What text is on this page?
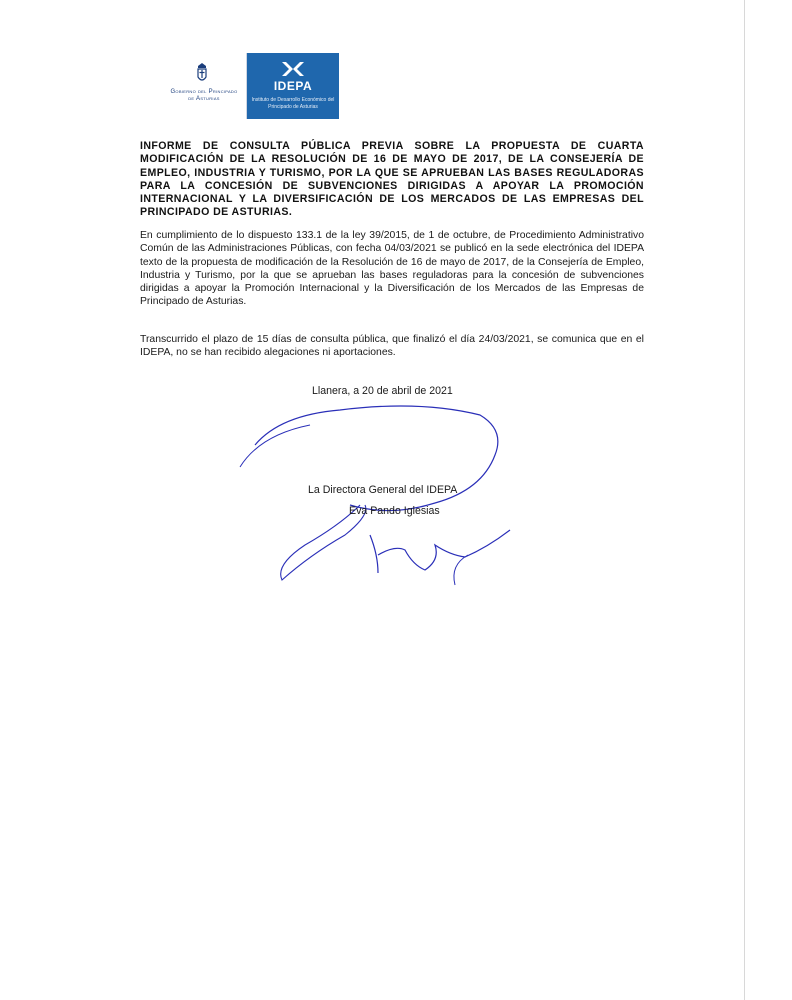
Gobierno del Principado de Asturias
IDEPA
Instituto de Desarrollo Económico del Principado de Asturias

INFORME DE CONSULTA PÚBLICA PREVIA SOBRE LA PROPUESTA DE CUARTA MODIFICACIÓN DE LA RESOLUCIÓN DE 16 DE MAYO DE 2017, DE LA CONSEJERÍA DE EMPLEO, INDUSTRIA Y TURISMO, POR LA QUE SE APRUEBAN LAS BASES REGULADORAS PARA LA CONCESIÓN DE SUBVENCIONES DIRIGIDAS A APOYAR LA PROMOCIÓN INTERNACIONAL Y LA DIVERSIFICACIÓN DE LOS MERCADOS DE LAS EMPRESAS DEL PRINCIPADO DE ASTURIAS.

En cumplimiento de lo dispuesto 133.1 de la ley 39/2015, de 1 de octubre, de Procedimiento Administrativo Común de las Administraciones Públicas, con fecha 04/03/2021 se publicó en la sede electrónica del IDEPA texto de la propuesta de modificación de la Resolución de 16 de mayo de 2017, de la Consejería de Empleo, Industria y Turismo, por la que se aprueban las bases reguladoras para la concesión de subvenciones dirigidas a apoyar la Promoción Internacional y la Diversificación de los Mercados de las Empresas de Principado de Asturias.

Transcurrido el plazo de 15 días de consulta pública, que finalizó el día 24/03/2021, se comunica que en el IDEPA, no se han recibido alegaciones ni aportaciones.

Llanera, a 20 de abril de 2021
La Directora General del IDEPA
Eva Pando Iglesias
